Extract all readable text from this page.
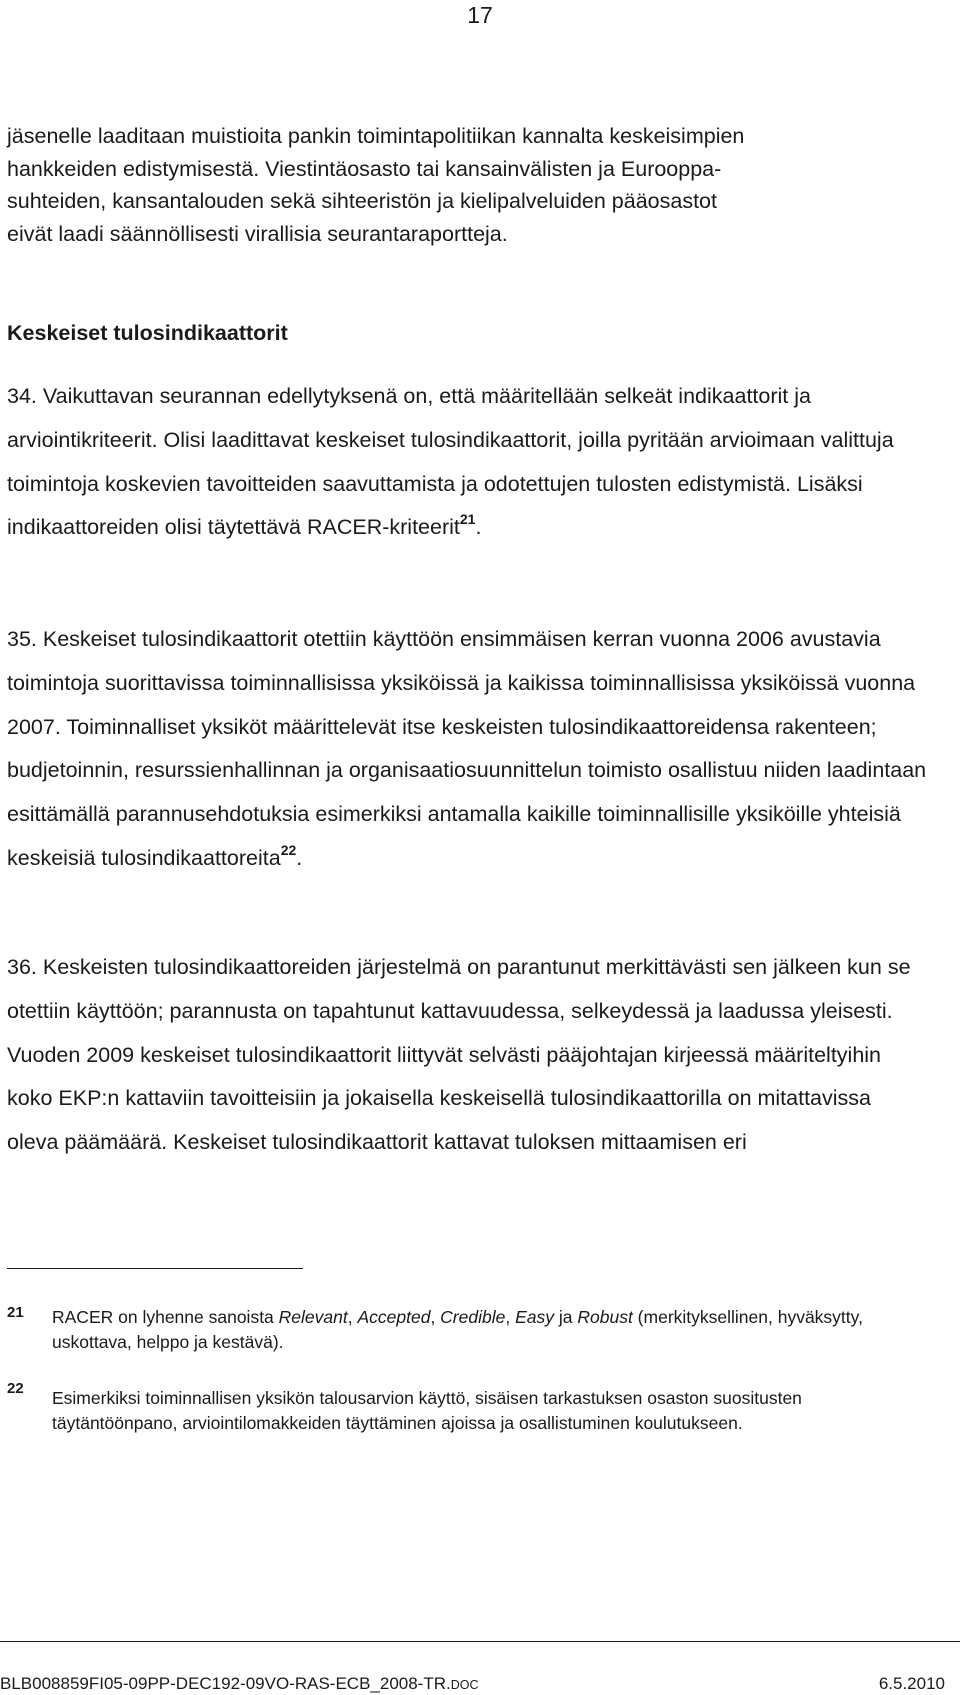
17
jäsenelle laaditaan muistioita pankin toimintapolitiikan kannalta keskeisimpien
hankkeiden edistymisestä. Viestintäosasto tai kansainvälisten ja Eurooppa-
suhteiden, kansantalouden sekä sihteeristön ja kielipalveluiden pääosastot
eivät laadi säännöllisesti virallisia seurantaraportteja.
Keskeiset tulosindikaattorit
34. Vaikuttavan seurannan edellytyksenä on, että määritellään selkeät indikaattorit ja arviointikriteerit. Olisi laadittavat keskeiset tulosindikaattorit, joilla pyritään arvioimaan valittuja toimintoja koskevien tavoitteiden saavuttamista ja odotettujen tulosten edistymistä. Lisäksi indikaattoreiden olisi täytettävä RACER-kriteerit$^{21}$.
35. Keskeiset tulosindikaattorit otettiin käyttöön ensimmäisen kerran vuonna 2006 avustavia toimintoja suorittavissa toiminnallisissa yksiköissä ja kaikissa toiminnallisissa yksiköissä vuonna 2007. Toiminnalliset yksiköt määrittelevät itse keskeisten tulosindikaattoreidensa rakenteen; budjetoinnin, resurssienhallinnan ja organisaatiosuunnittelun toimisto osallistuu niiden laadintaan esittämällä parannusehdotuksia esimerkiksi antamalla kaikille toiminnallisille yksiköille yhteisiä keskeisiä tulosindikaattoreita$^{22}$.
36. Keskeisten tulosindikaattoreiden järjestelmä on parantunut merkittävästi sen jälkeen kun se otettiin käyttöön; parannusta on tapahtunut kattavuudessa, selkeydessä ja laadussa yleisesti. Vuoden 2009 keskeiset tulosindikaattorit liittyvät selvästi pääjohtajan kirjeessä määriteltyihin koko EKP:n kattaviin tavoitteisiin ja jokaisella keskeisellä tulosindikaattorilla on mitattavissa oleva päämäärä. Keskeiset tulosindikaattorit kattavat tuloksen mittaamisen eri
21 RACER on lyhenne sanoista Relevant, Accepted, Credible, Easy ja Robust (merkityksellinen, hyväksytty, uskottava, helppo ja kestävä).
22 Esimerkiksi toiminnallisen yksikön talousarvion käyttö, sisäisen tarkastuksen osaston suositusten täytäntöönpano, arviointilomakkeiden täyttäminen ajoissa ja osallistuminen koulutukseen.
BLB008859FI05-09PP-DEC192-09VO-RAS-ECB_2008-TR.DOC	6.5.2010
